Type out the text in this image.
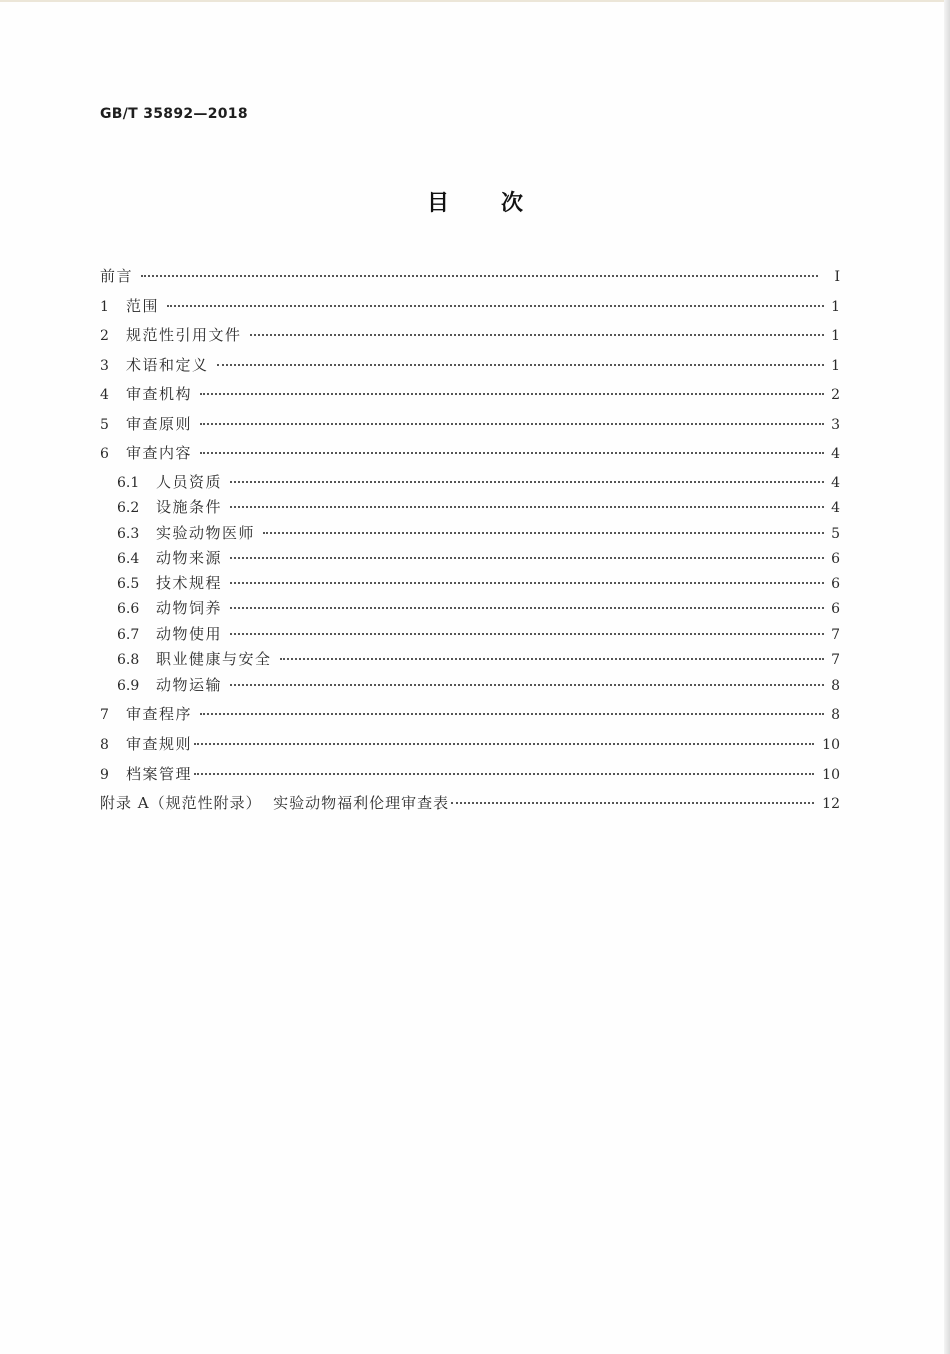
GB/T 35892—2018
目 次
前言	I
1	范围	1
2	规范性引用文件	1
3	术语和定义	1
4	审查机构	2
5	审查原则	3
6	审查内容	4
6.1	人员资质	4
6.2	设施条件	4
6.3	实验动物医师	5
6.4	动物来源	6
6.5	技术规程	6
6.6	动物饲养	6
6.7	动物使用	7
6.8	职业健康与安全	7
6.9	动物运输	8
7	审查程序	8
8	审查规则	10
9	档案管理	10
附录 A（规范性附录）  实验动物福利伦理审查表	12
